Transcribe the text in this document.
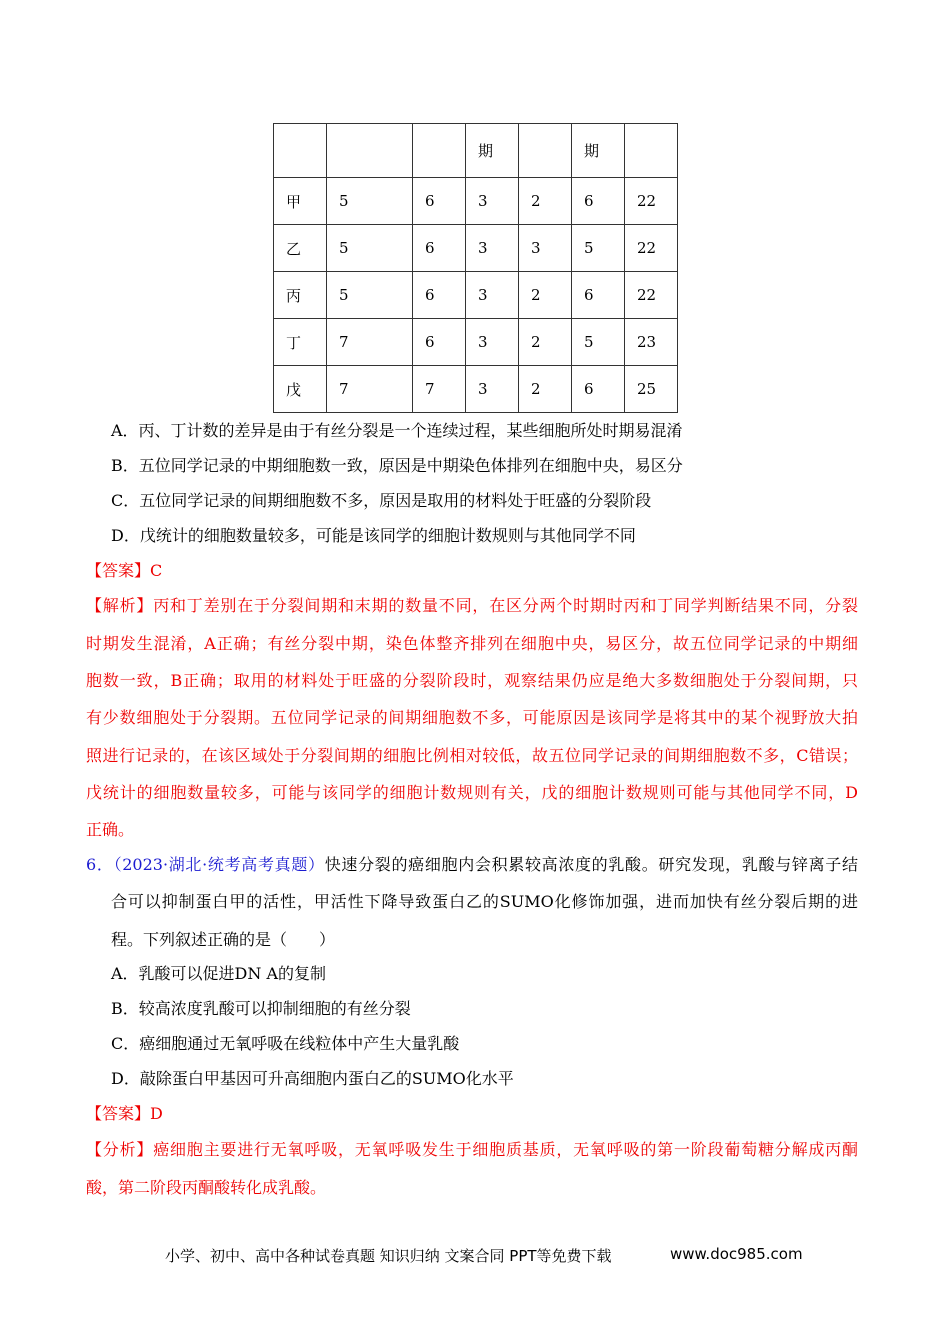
			期		期	
甲	5	6	3	2	6	22
乙	5	6	3	3	5	22
丙	5	6	3	2	6	22
丁	7	6	3	2	5	23
戊	7	7	3	2	6	25
A．丙、丁计数的差异是由于有丝分裂是一个连续过程，某些细胞所处时期易混淆
B．五位同学记录的中期细胞数一致，原因是中期染色体排列在细胞中央，易区分
C．五位同学记录的间期细胞数不多，原因是取用的材料处于旺盛的分裂阶段
D．戊统计的细胞数量较多，可能是该同学的细胞计数规则与其他同学不同
【答案】C
【解析】丙和丁差别在于分裂间期和末期的数量不同，在区分两个时期时丙和丁同学判断结果不同，分裂
时期发生混淆，A正确；有丝分裂中期，染色体整齐排列在细胞中央，易区分，故五位同学记录的中期细
胞数一致，B正确；取用的材料处于旺盛的分裂阶段时，观察结果仍应是绝大多数细胞处于分裂间期，只
有少数细胞处于分裂期。五位同学记录的间期细胞数不多，可能原因是该同学是将其中的某个视野放大拍
照进行记录的，在该区域处于分裂间期的细胞比例相对较低，故五位同学记录的间期细胞数不多，C错误；
戊统计的细胞数量较多，可能与该同学的细胞计数规则有关，戊的细胞计数规则可能与其他同学不同，D
正确。
6．（2023·湖北·统考高考真题）快速分裂的癌细胞内会积累较高浓度的乳酸。研究发现，乳酸与锌离子结
合可以抑制蛋白甲的活性，甲活性下降导致蛋白乙的SUMO化修饰加强，进而加快有丝分裂后期的进
程。下列叙述正确的是（　　）
A．乳酸可以促进DN A的复制
B．较高浓度乳酸可以抑制细胞的有丝分裂
C．癌细胞通过无氧呼吸在线粒体中产生大量乳酸
D．敲除蛋白甲基因可升高细胞内蛋白乙的SUMO化水平
【答案】D
【分析】癌细胞主要进行无氧呼吸，无氧呼吸发生于细胞质基质，无氧呼吸的第一阶段葡萄糖分解成丙酮
酸，第二阶段丙酮酸转化成乳酸。
小学、初中、高中各种试卷真题 知识归纳 文案合同 PPT等免费下载	www.doc985.com
